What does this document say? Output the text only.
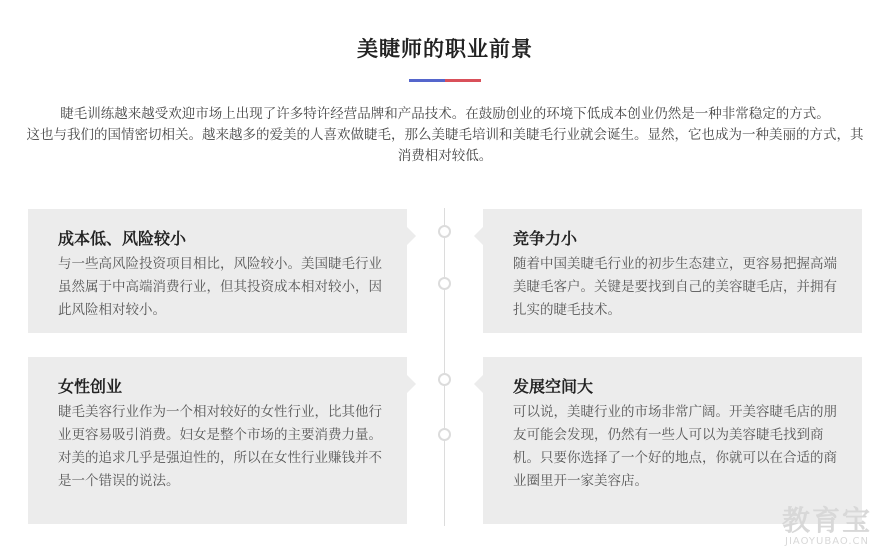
美睫师的职业前景

睫毛训练越来越受欢迎市场上出现了许多特许经营品牌和产品技术。在鼓励创业的环境下低成本创业仍然是一种非常稳定的方式。

这也与我们的国情密切相关。越来越多的爱美的人喜欢做睫毛，那么美睫毛培训和美睫毛行业就会诞生。显然，它也成为一种美丽的方式，其消费相对较低。

成本低、风险较小
与一些高风险投资项目相比，风险较小。美国睫毛行业虽然属于中高端消费行业，但其投资成本相对较小，因此风险相对较小。
竞争力小
随着中国美睫毛行业的初步生态建立，更容易把握高端美睫毛客户。关键是要找到自己的美容睫毛店，并拥有扎实的睫毛技术。
女性创业
睫毛美容行业作为一个相对较好的女性行业，比其他行业更容易吸引消费。妇女是整个市场的主要消费力量。对美的追求几乎是强迫性的，所以在女性行业赚钱并不是一个错误的说法。
发展空间大
可以说，美睫行业的市场非常广阔。开美容睫毛店的朋友可能会发现，仍然有一些人可以为美容睫毛找到商机。只要你选择了一个好的地点，你就可以在合适的商业圈里开一家美容店。
教育宝
JIAOYUBAO.CN
